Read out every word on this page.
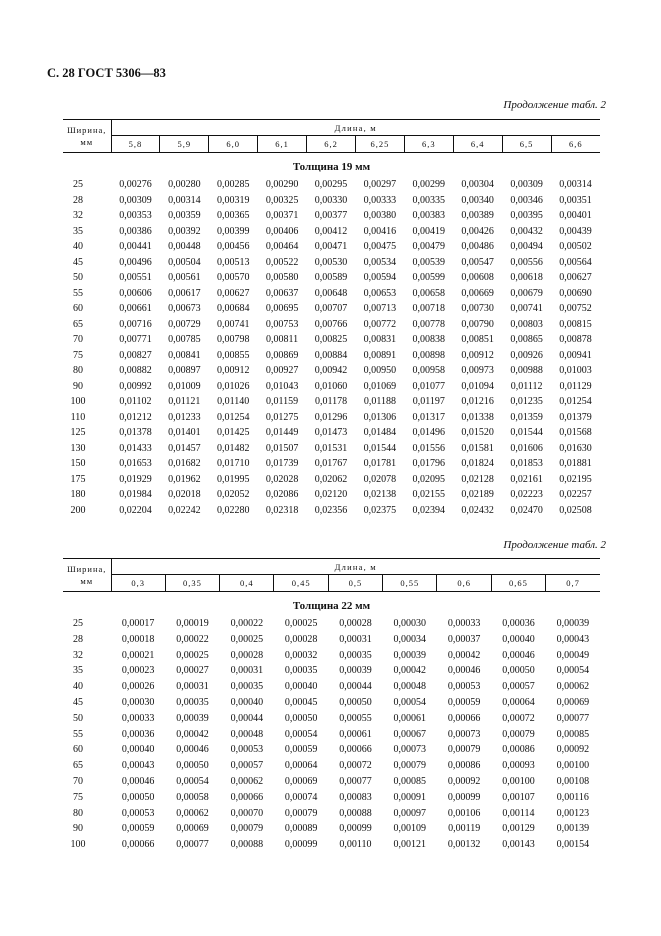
С. 28 ГОСТ 5306—83
Продолжение табл. 2
Ширина,
мм	Длина, м									
	5,8	5,9	6,0	6,1	6,2	6,25	6,3	6,4	6,5	6,6
Толщина 19 мм										
25	0,00276	0,00280	0,00285	0,00290	0,00295	0,00297	0,00299	0,00304	0,00309	0,00314
28	0,00309	0,00314	0,00319	0,00325	0,00330	0,00333	0,00335	0,00340	0,00346	0,00351
32	0,00353	0,00359	0,00365	0,00371	0,00377	0,00380	0,00383	0,00389	0,00395	0,00401
35	0,00386	0,00392	0,00399	0,00406	0,00412	0,00416	0,00419	0,00426	0,00432	0,00439
40	0,00441	0,00448	0,00456	0,00464	0,00471	0,00475	0,00479	0,00486	0,00494	0,00502
45	0,00496	0,00504	0,00513	0,00522	0,00530	0,00534	0,00539	0,00547	0,00556	0,00564
50	0,00551	0,00561	0,00570	0,00580	0,00589	0,00594	0,00599	0,00608	0,00618	0,00627
55	0,00606	0,00617	0,00627	0,00637	0,00648	0,00653	0,00658	0,00669	0,00679	0,00690
60	0,00661	0,00673	0,00684	0,00695	0,00707	0,00713	0,00718	0,00730	0,00741	0,00752
65	0,00716	0,00729	0,00741	0,00753	0,00766	0,00772	0,00778	0,00790	0,00803	0,00815
70	0,00771	0,00785	0,00798	0,00811	0,00825	0,00831	0,00838	0,00851	0,00865	0,00878
75	0,00827	0,00841	0,00855	0,00869	0,00884	0,00891	0,00898	0,00912	0,00926	0,00941
80	0,00882	0,00897	0,00912	0,00927	0,00942	0,00950	0,00958	0,00973	0,00988	0,01003
90	0,00992	0,01009	0,01026	0,01043	0,01060	0,01069	0,01077	0,01094	0,01112	0,01129
100	0,01102	0,01121	0,01140	0,01159	0,01178	0,01188	0,01197	0,01216	0,01235	0,01254
110	0,01212	0,01233	0,01254	0,01275	0,01296	0,01306	0,01317	0,01338	0,01359	0,01379
125	0,01378	0,01401	0,01425	0,01449	0,01473	0,01484	0,01496	0,01520	0,01544	0,01568
130	0,01433	0,01457	0,01482	0,01507	0,01531	0,01544	0,01556	0,01581	0,01606	0,01630
150	0,01653	0,01682	0,01710	0,01739	0,01767	0,01781	0,01796	0,01824	0,01853	0,01881
175	0,01929	0,01962	0,01995	0,02028	0,02062	0,02078	0,02095	0,02128	0,02161	0,02195
180	0,01984	0,02018	0,02052	0,02086	0,02120	0,02138	0,02155	0,02189	0,02223	0,02257
200	0,02204	0,02242	0,02280	0,02318	0,02356	0,02375	0,02394	0,02432	0,02470	0,02508
Продолжение табл. 2
Ширина,
мм	Длина, м								
	0,3	0,35	0,4	0,45	0,5	0,55	0,6	0,65	0,7
Толщина 22 мм									
25	0,00017	0,00019	0,00022	0,00025	0,00028	0,00030	0,00033	0,00036	0,00039
28	0,00018	0,00022	0,00025	0,00028	0,00031	0,00034	0,00037	0,00040	0,00043
32	0,00021	0,00025	0,00028	0,00032	0,00035	0,00039	0,00042	0,00046	0,00049
35	0,00023	0,00027	0,00031	0,00035	0,00039	0,00042	0,00046	0,00050	0,00054
40	0,00026	0,00031	0,00035	0,00040	0,00044	0,00048	0,00053	0,00057	0,00062
45	0,00030	0,00035	0,00040	0,00045	0,00050	0,00054	0,00059	0,00064	0,00069
50	0,00033	0,00039	0,00044	0,00050	0,00055	0,00061	0,00066	0,00072	0,00077
55	0,00036	0,00042	0,00048	0,00054	0,00061	0,00067	0,00073	0,00079	0,00085
60	0,00040	0,00046	0,00053	0,00059	0,00066	0,00073	0,00079	0,00086	0,00092
65	0,00043	0,00050	0,00057	0,00064	0,00072	0,00079	0,00086	0,00093	0,00100
70	0,00046	0,00054	0,00062	0,00069	0,00077	0,00085	0,00092	0,00100	0,00108
75	0,00050	0,00058	0,00066	0,00074	0,00083	0,00091	0,00099	0,00107	0,00116
80	0,00053	0,00062	0,00070	0,00079	0,00088	0,00097	0,00106	0,00114	0,00123
90	0,00059	0,00069	0,00079	0,00089	0,00099	0,00109	0,00119	0,00129	0,00139
100	0,00066	0,00077	0,00088	0,00099	0,00110	0,00121	0,00132	0,00143	0,00154
